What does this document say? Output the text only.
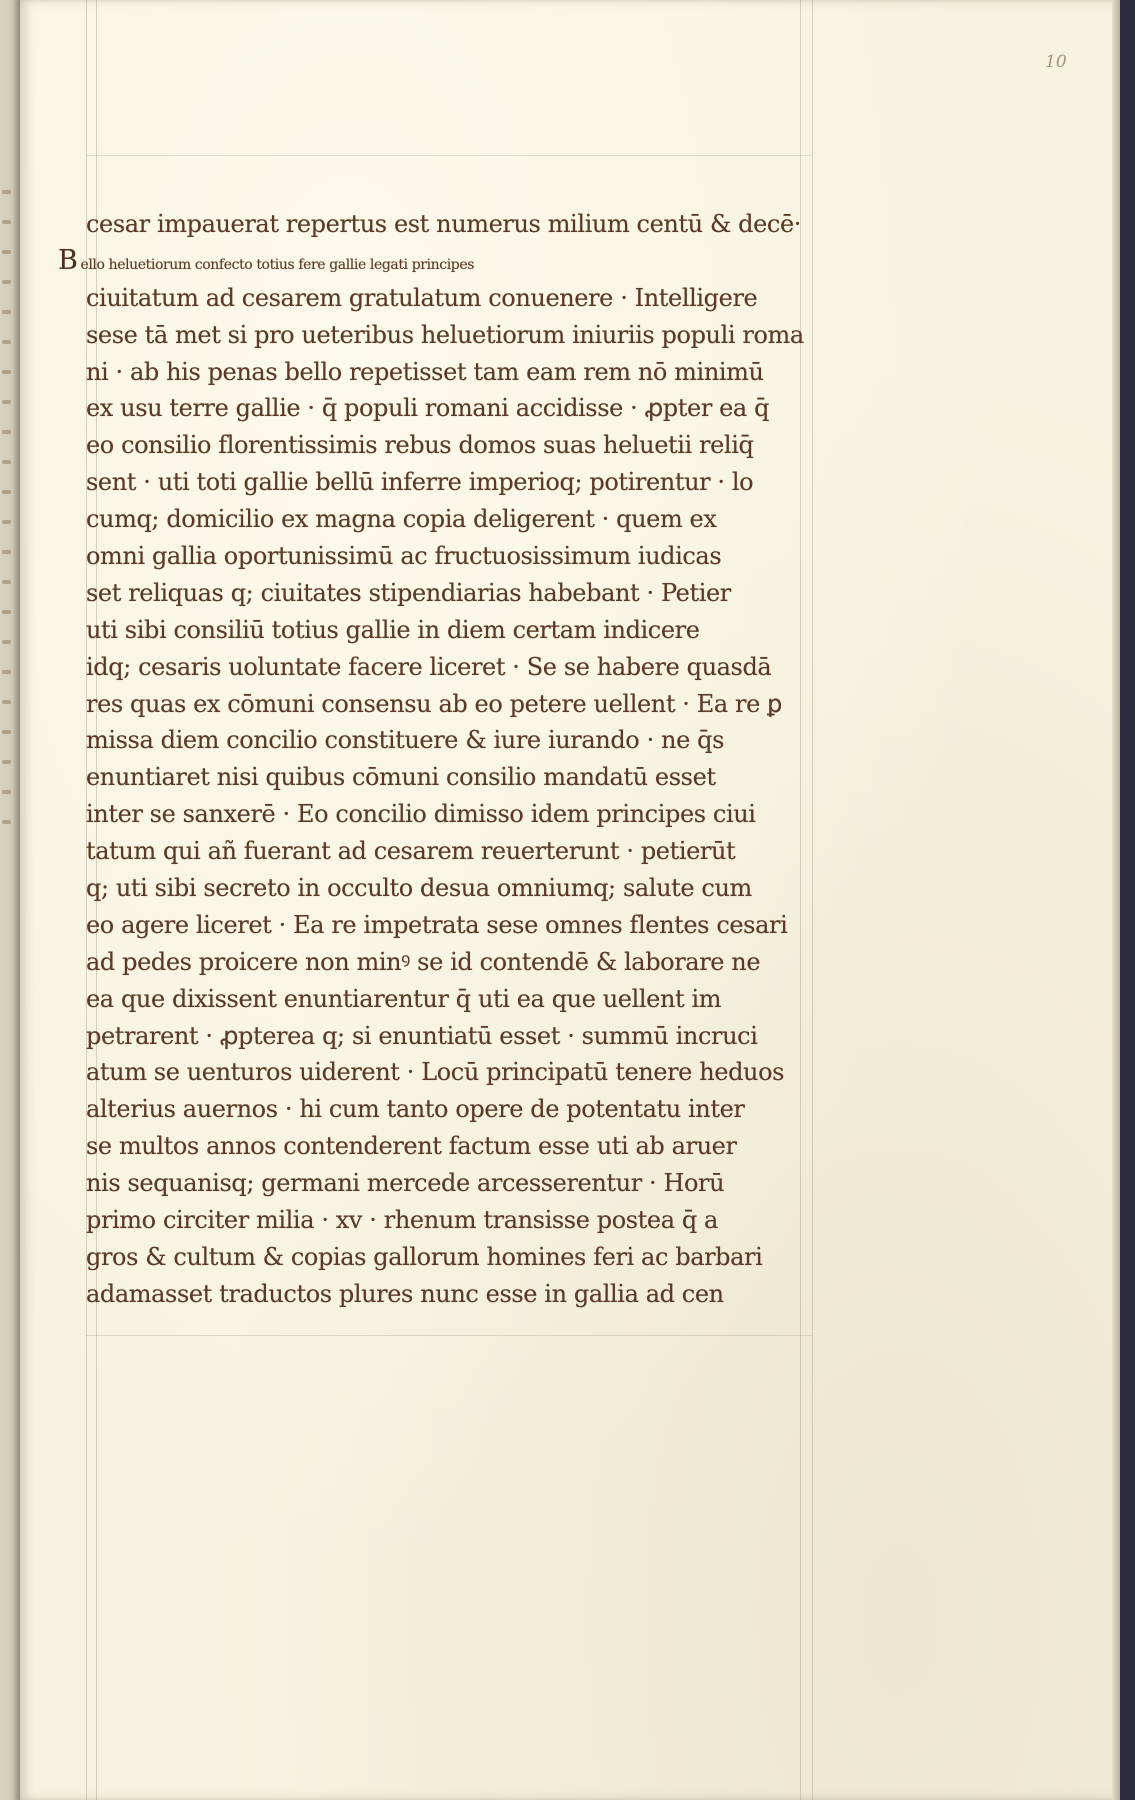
10
cesar impauerat repertus est numerus milium centū & decē·
Bello heluetiorum confecto totius fere gallie legati principes
ciuitatum ad cesarem gratulatum conuenere · Intelligere
sese tā met si pro ueteribus heluetiorum iniuriis populi roma
ni · ab his penas bello repetisset tam eam rem nō minimū
ex usu terre gallie · q̄ populi romani accidisse · ꝓpter ea q̄
eo consilio florentissimis rebus domos suas heluetii reliq̄
sent · uti toti gallie bellū inferre imperioq; potirentur · lo
cumq; domicilio ex magna copia deligerent · quem ex
omni gallia oportunissimū ac fructuosissimum iudicas
set reliquas q; ciuitates stipendiarias habebant · Petier
uti sibi consiliū totius gallie in diem certam indicere
idq; cesaris uoluntate facere liceret · Se se habere quasdā
res quas ex cōmuni consensu ab eo petere uellent · Ea re ꝑ
missa diem concilio constituere & iure iurando · ne q̄s
enuntiaret nisi quibus cōmuni consilio mandatū esset
inter se sanxerē · Eo concilio dimisso idem principes ciui
tatum qui añ fuerant ad cesarem reuerterunt · petierūt
q; uti sibi secreto in occulto desua omniumq; salute cum
eo agere liceret · Ea re impetrata sese omnes flentes cesari
ad pedes proicere non minꝰ se id contendē & laborare ne
ea que dixissent enuntiarentur q̄ uti ea que uellent im
petrarent · ꝓpterea q; si enuntiatū esset · summū incruci
atum se uenturos uiderent · Locū principatū tenere heduos
alterius auernos · hi cum tanto opere de potentatu inter
se multos annos contenderent factum esse uti ab aruer
nis sequanisq; germani mercede arcesserentur · Horū
primo circiter milia · xv · rhenum transisse postea q̄ a
gros & cultum & copias gallorum homines feri ac barbari
adamasset traductos plures nunc esse in gallia ad cen
